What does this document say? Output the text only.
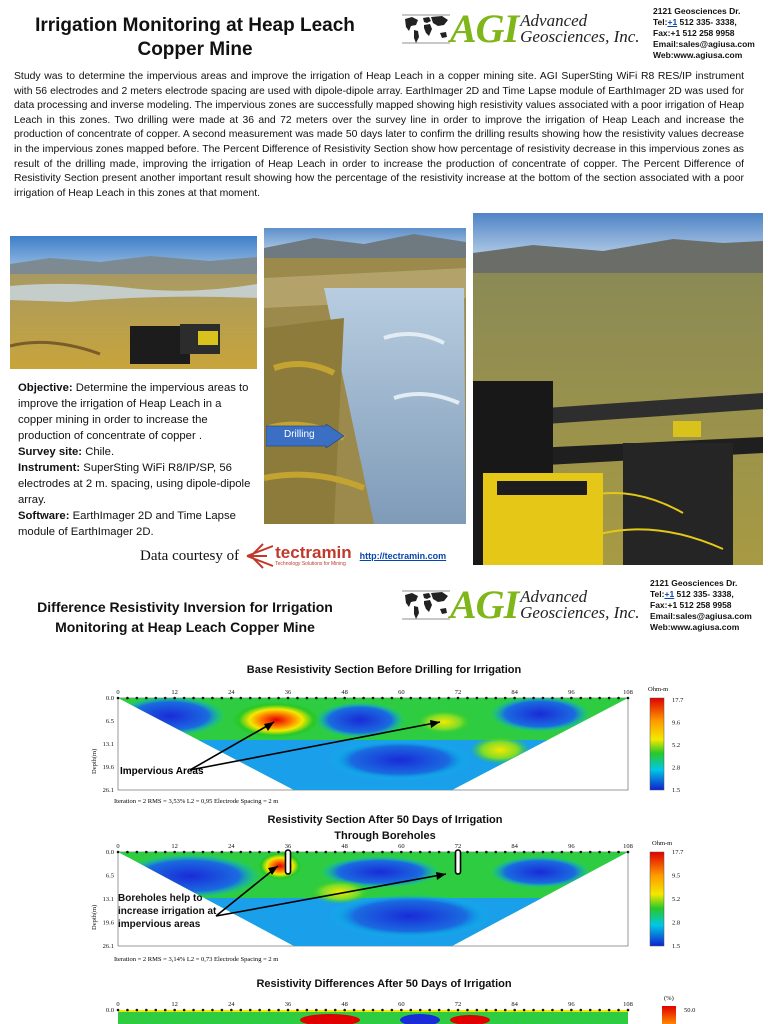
Irrigation Monitoring at Heap Leach Copper Mine	AGI Advanced
Geosciences, Inc.
2121 Geosciences Dr.
Tel:+1 512 335- 3338,
Fax:+1 512 258 9958
Email:sales@agiusa.com
Web:www.agiusa.com
Study was to determine the impervious areas and improve the irrigation of Heap Leach in a copper mining site. AGI SuperSting WiFi R8 RES/IP instrument with 56 electrodes and 2 meters electrode spacing are used with dipole-dipole array. EarthImager 2D and Time Lapse module of EarthImager 2D was used for data processing and inverse modeling. The impervious zones are successfully mapped showing high resistivity values associated with a poor irrigation of Heap Leach in this zones. Two drilling were made at 36 and 72 meters over the survey line in order to improve the irrigation of Heap Leach and increase the production of concentrate of copper. A second measurement was made 50 days later to confirm the drilling results showing how the resistivity values decrease in the impervious zones mapped before. The Percent Difference of Resistivity Section show how percentage of resistivity decrease in this impervious zones as result of the drilling made, improving the irrigation of Heap Leach in order to increase the production of concentrate of copper. The Percent Difference of Resistivity Section present another important result showing how the percentage of the resistivity increase at the bottom of the section associated with a poor irrigation of Heap Leach in this zones at that moment.
Drilling
Objective: Determine the impervious areas to improve the irrigation of Heap Leach in a copper mining in order to increase the production of concentrate of copper .
Survey site: Chile.
Instrument: SuperSting WiFi R8/IP/SP, 56 electrodes at 2 m. spacing, using dipole-dipole array.
Software: EarthImager 2D and Time Lapse module of EarthImager 2D.
Data courtesy of tectramin
Technology Solutions for Mining
http://tectramin.com
Difference Resistivity Inversion for Irrigation Monitoring at Heap Leach Copper Mine	AGI Advanced
Geosciences, Inc.
2121 Geosciences Dr.
Tel:+1 512 335- 3338,
Fax:+1 512 258 9958
Email:sales@agiusa.com
Web:www.agiusa.com
Base Resistivity Section Before Drilling for Irrigation
0	12	24	36	48	60	72	84	96	108
0.0
6.5
13.1
19.6
26.1
Depth(m)
Iteration = 2 RMS = 3,53% L2 = 0,95 Electrode Spacing = 2 m
Ohm-m
17.7
9.6
5.2
2.8
1.5
Impervious Areas
Resistivity Section After 50 Days of Irrigation Through Boreholes
0	12	24	36	48	60	72	84	96	108
0.0
6.5
13.1
19.6
26.1
Depth(m)
Iteration = 2 RMS = 3,14% L2 = 0,73 Electrode Spacing = 2 m
Ohm-m
17.7
9.5
5.2
2.8
1.5
Boreholes help to increase irrigation at impervious areas
Resistivity Differences After 50 Days of Irrigation
0	12	24	36	48	60	72	84	96	108
0.0
(%)
50.0
